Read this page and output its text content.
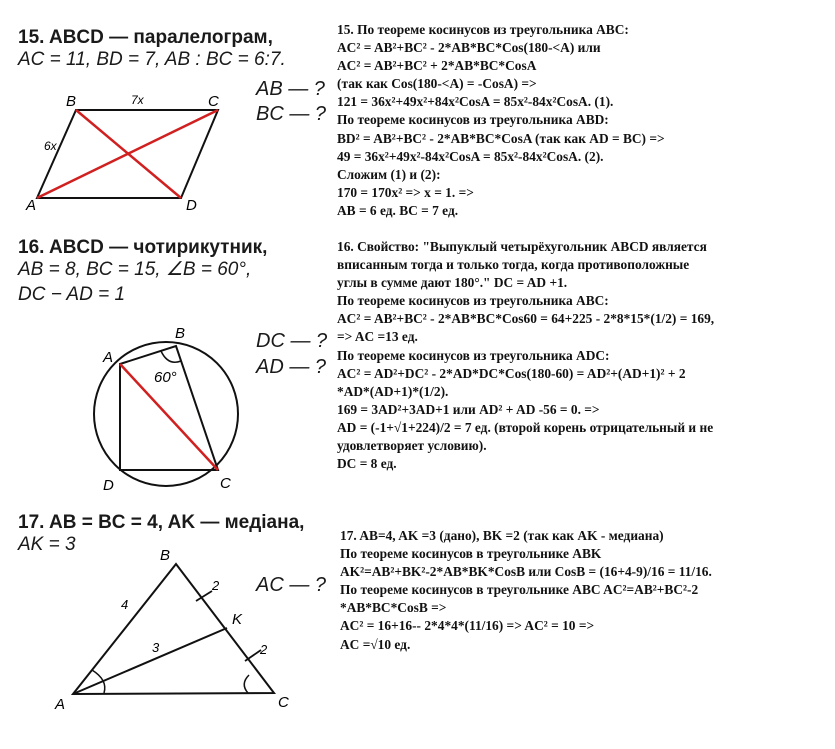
15. ABCD — паралелограм,
AC = 11, BD = 7, AB : BC = 6:7.
AB — ?
BC — ?
A
B	C
D
6x
7x
15. По теореме косинусов из треугольника ABC:
AC² = AB²+BC² - 2*AB*BC*Cos(180-<A) или
AC² = AB²+BC² + 2*AB*BC*CosA
(так как Cos(180-<A) = -CosA) =>
121 = 36x²+49x²+84x²CosA = 85x²-84x²CosA. (1).
По теореме косинусов из треугольника ABD:
BD² = AB²+BC² - 2*AB*BC*CosA (так как AD = BC) =>
49 = 36x²+49x²-84x²CosA = 85x²-84x²CosA. (2).
Сложим (1) и (2):
170 = 170x² => x = 1. =>
AB = 6 ед. BC = 7 ед.
16. ABCD — чотирикутник,
AB = 8, BC = 15, ∠B = 60°,
DC − AD = 1
DC — ?
AD — ?
60°
A
B
C
D
16. Свойство: "Выпуклый четырёхугольник ABCD является
вписанным тогда и только тогда, когда противоположные
углы в сумме дают 180°." DC = AD +1.
По теореме косинусов из треугольника ABC:
AC² = AB²+BC² - 2*AB*BC*Cos60 = 64+225 - 2*8*15*(1/2) = 169,
=> AC =13 ед.
По теореме косинусов из треугольника ADC:
AC² = AD²+DC² - 2*AD*DC*Cos(180-60) = AD²+(AD+1)² + 2
*AD*(AD+1)*(1/2).
169 = 3AD²+3AD+1 или AD² + AD -56 = 0. =>
AD = (-1+√1+224)/2 = 7 ед. (второй корень отрицательный и не
удовлетворяет условию).
DC = 8 ед.
17. AB = BC = 4, AK — медіана,
AK = 3
AC — ?
A
B
C
K
4
3
2
2
17. AB=4, AK =3 (дано), BK =2 (так как AK - медиана)
По теореме косинусов в треугольнике ABK
AK²=AB²+BK²-2*AB*BK*CosB или CosB = (16+4-9)/16 = 11/16.
По теореме косинусов в треугольнике ABC AC²=AB²+BC²-2
*AB*BC*CosB =>
AC² = 16+16-- 2*4*4*(11/16) => AC² = 10 =>
AC =√10 ед.
